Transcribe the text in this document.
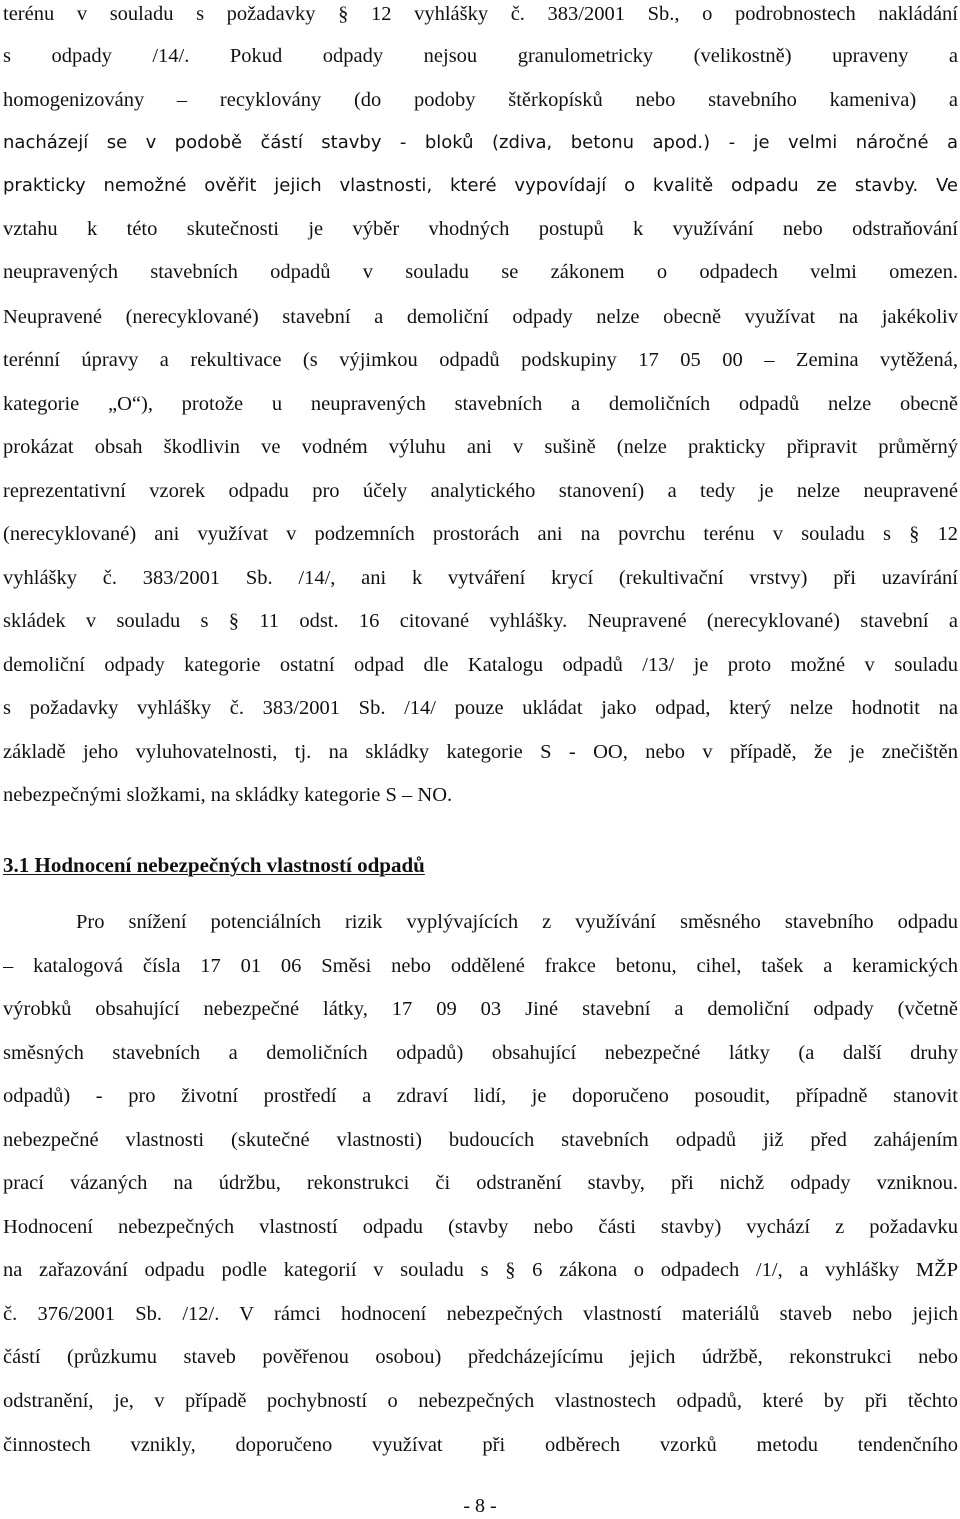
terénu v souladu s požadavky § 12 vyhlášky č. 383/2001 Sb., o podrobnostech nakládání
s odpady /14/. Pokud odpady nejsou granulometricky (velikostně) upraveny a
homogenizovány – recyklovány (do podoby štěrkopísků nebo stavebního kameniva) a
nacházejí se v podobě částí stavby - bloků (zdiva, betonu apod.) - je velmi náročné a
prakticky nemožné ověřit jejich vlastnosti, které vypovídají o kvalitě odpadu ze stavby. Ve
vztahu k této skutečnosti je výběr vhodných postupů k využívání nebo odstraňování
neupravených stavebních odpadů v souladu se zákonem o odpadech velmi omezen.
Neupravené (nerecyklované) stavební a demoliční odpady nelze obecně využívat na jakékoliv
terénní úpravy a rekultivace (s výjimkou odpadů podskupiny 17 05 00 – Zemina vytěžená,
kategorie „O“), protože u neupravených stavebních a demoličních odpadů nelze obecně
prokázat obsah škodlivin ve vodném výluhu ani v sušině (nelze prakticky připravit průměrný
reprezentativní vzorek odpadu pro účely analytického stanovení) a tedy je nelze neupravené
(nerecyklované) ani využívat v podzemních prostorách ani na povrchu terénu v souladu s § 12
vyhlášky č. 383/2001 Sb. /14/, ani k vytváření krycí (rekultivační vrstvy) při uzavírání
skládek v souladu s § 11 odst. 16 citované vyhlášky. Neupravené (nerecyklované) stavební a
demoliční odpady kategorie ostatní odpad dle Katalogu odpadů /13/ je proto možné v souladu
s požadavky vyhlášky č. 383/2001 Sb. /14/ pouze ukládat jako odpad, který nelze hodnotit na
základě jeho vyluhovatelnosti, tj. na skládky kategorie S - OO, nebo v případě, že je znečištěn
nebezpečnými složkami, na skládky kategorie S – NO.
3.1 Hodnocení nebezpečných vlastností odpadů
Pro snížení potenciálních rizik vyplývajících z využívání směsného stavebního odpadu
– katalogová čísla 17 01 06 Směsi nebo oddělené frakce betonu, cihel, tašek a keramických
výrobků obsahující nebezpečné látky, 17 09 03 Jiné stavební a demoliční odpady (včetně
směsných stavebních a demoličních odpadů) obsahující nebezpečné látky (a další druhy
odpadů) - pro životní prostředí a zdraví lidí, je doporučeno posoudit, případně stanovit
nebezpečné vlastnosti (skutečné vlastnosti) budoucích stavebních odpadů již před zahájením
prací vázaných na údržbu, rekonstrukci či odstranění stavby, při nichž odpady vzniknou.
Hodnocení nebezpečných vlastností odpadu (stavby nebo části stavby) vychází z požadavku
na zařazování odpadu podle kategorií v souladu s § 6 zákona o odpadech /1/, a vyhlášky MŽP
č. 376/2001 Sb. /12/. V rámci hodnocení nebezpečných vlastností materiálů staveb nebo jejich
částí (průzkumu staveb pověřenou osobou) předcházejícímu jejich údržbě, rekonstrukci nebo
odstranění, je, v případě pochybností o nebezpečných vlastnostech odpadů, které by při těchto
činnostech vznikly, doporučeno využívat při odběrech vzorků metodu tendenčního
- 8 -
